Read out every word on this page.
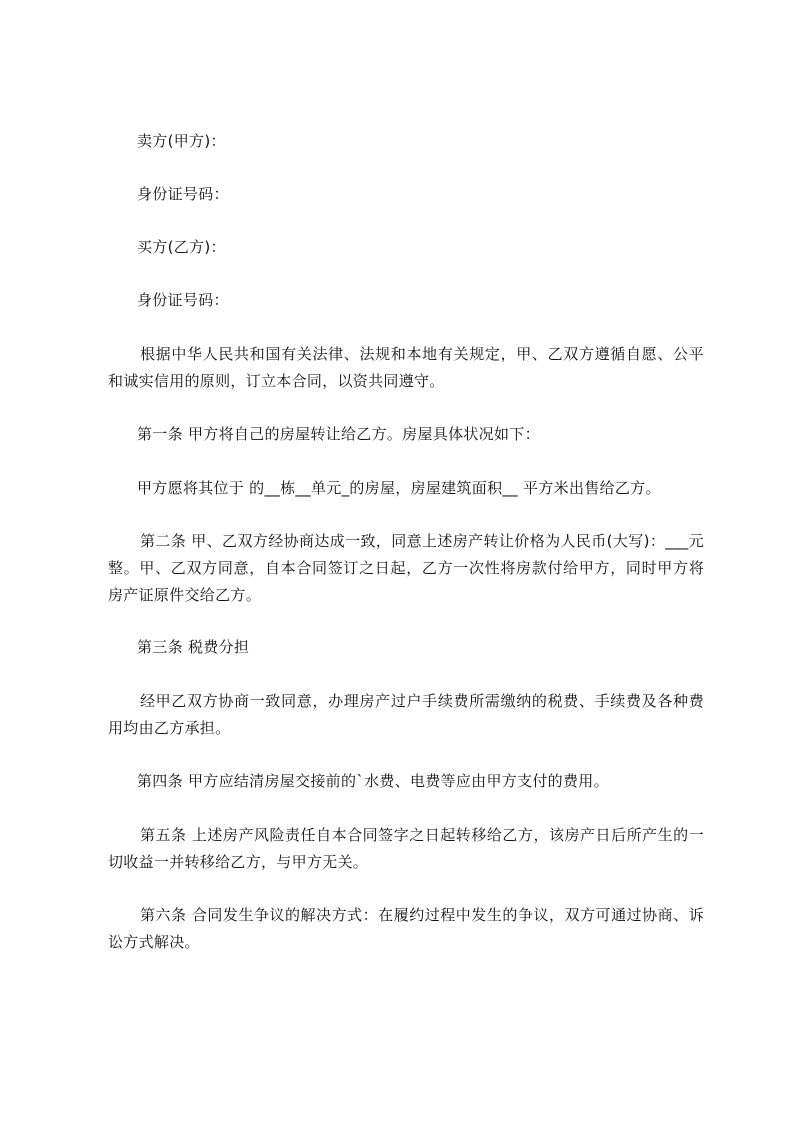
卖方(甲方)：

身份证号码：

买方(乙方)：

身份证号码：

根据中华人民共和国有关法律、法规和本地有关规定，甲、乙双方遵循自愿、公平和诚实信用的原则，订立本合同，以资共同遵守。

第一条 甲方将自己的房屋转让给乙方。房屋具体状况如下：

甲方愿将其位于 的__栋__单元_的房屋，房屋建筑面积__ 平方米出售给乙方。

第二条 甲、乙双方经协商达成一致，同意上述房产转让价格为人民币(大写)：___元整。甲、乙双方同意，自本合同签订之日起，乙方一次性将房款付给甲方，同时甲方将房产证原件交给乙方。

第三条 税费分担

经甲乙双方协商一致同意，办理房产过户手续费所需缴纳的税费、手续费及各种费用均由乙方承担。

第四条 甲方应结清房屋交接前的`水费、电费等应由甲方支付的费用。

第五条 上述房产风险责任自本合同签字之日起转移给乙方，该房产日后所产生的一切收益一并转移给乙方，与甲方无关。

第六条 合同发生争议的解决方式：在履约过程中发生的争议，双方可通过协商、诉讼方式解决。
